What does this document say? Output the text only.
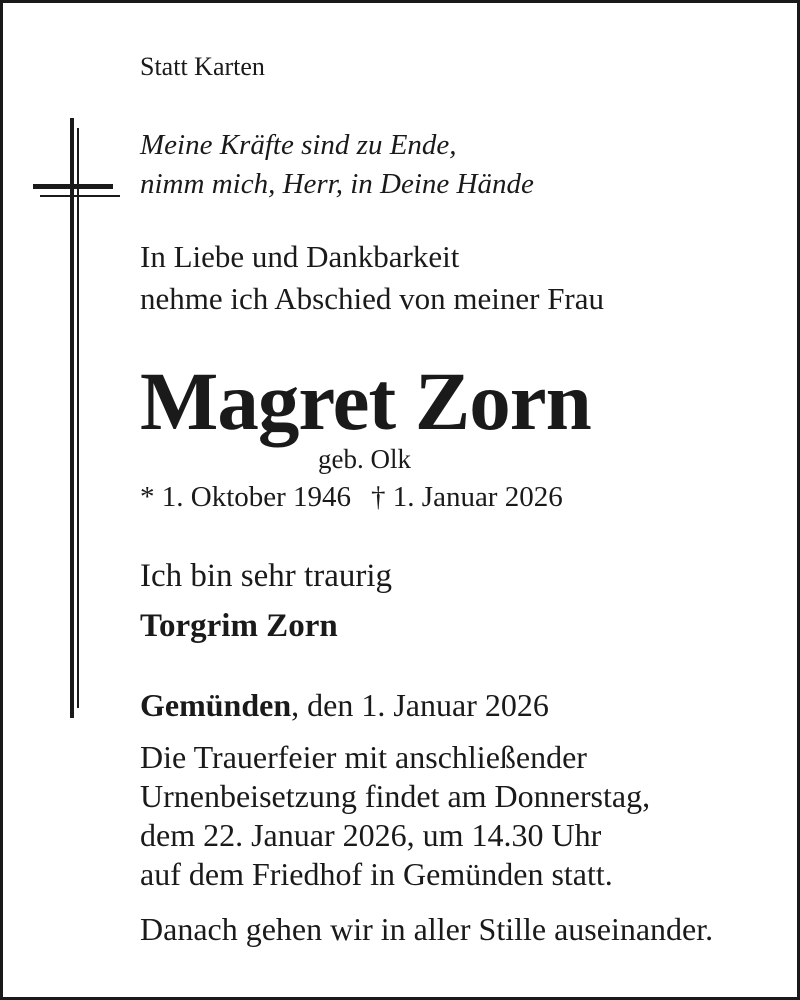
Statt Karten

Meine Kräfte sind zu Ende,
nimm mich, Herr, in Deine Hände

In Liebe und Dankbarkeit
nehme ich Abschied von meiner Frau

Magret Zorn

geb. Olk

* 1. Oktober 1946 † 1. Januar 2026

Ich bin sehr traurig

Torgrim Zorn

Gemünden, den 1. Januar 2026

Die Trauerfeier mit anschließender
Urnenbeisetzung findet am Donnerstag,
dem 22. Januar 2026, um 14.30 Uhr
auf dem Friedhof in Gemünden statt.

Danach gehen wir in aller Stille auseinander.
